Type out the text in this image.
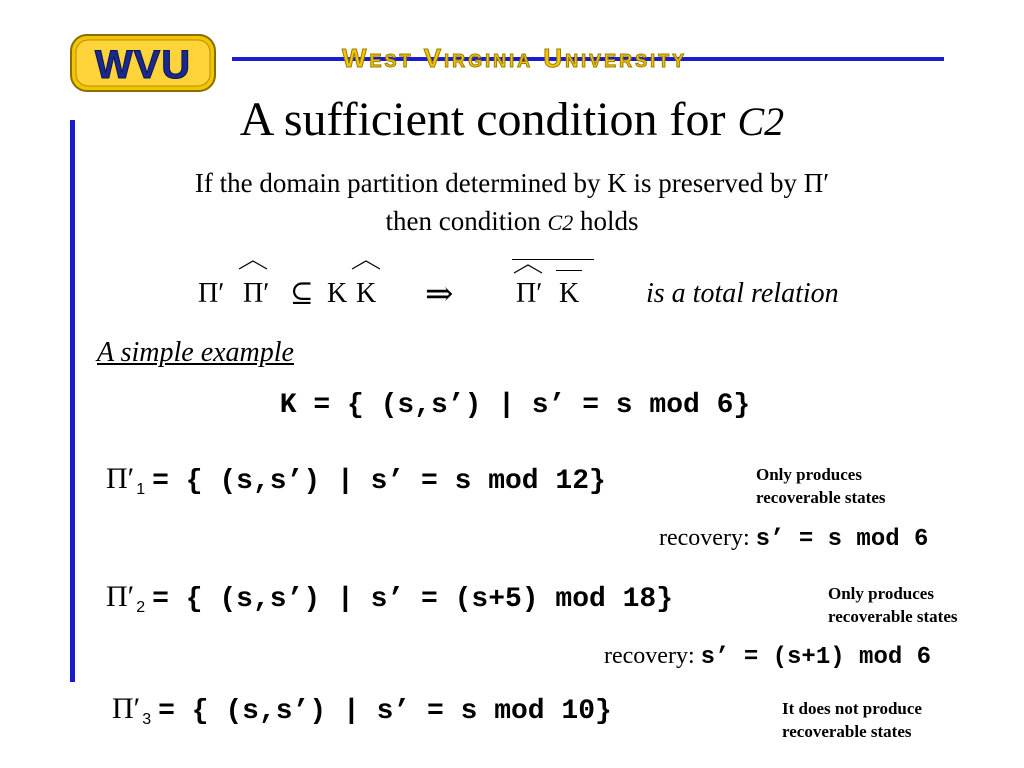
WVU	West Virginia University
A sufficient condition for C2
If the domain partition determined by K is preserved by Πʹ
then condition C2 holds
Πʹ Πʹ ⊆ K K ⇒ Πʹ K is a total relation
A simple example
K = { (s,s’) | s’ = s mod 6}
Π′ $_1$ = { (s,s’) | s’ = s mod 12}	Only produces
recoverable states
recovery: s’ = s mod 6
Π′ $_2$ = { (s,s’) | s’ = (s+5) mod 18}	Only produces
recoverable states
recovery: s’ = (s+1) mod 6
Π′ $_3$ = { (s,s’) | s’ = s mod 10}	It does not produce
recoverable states
